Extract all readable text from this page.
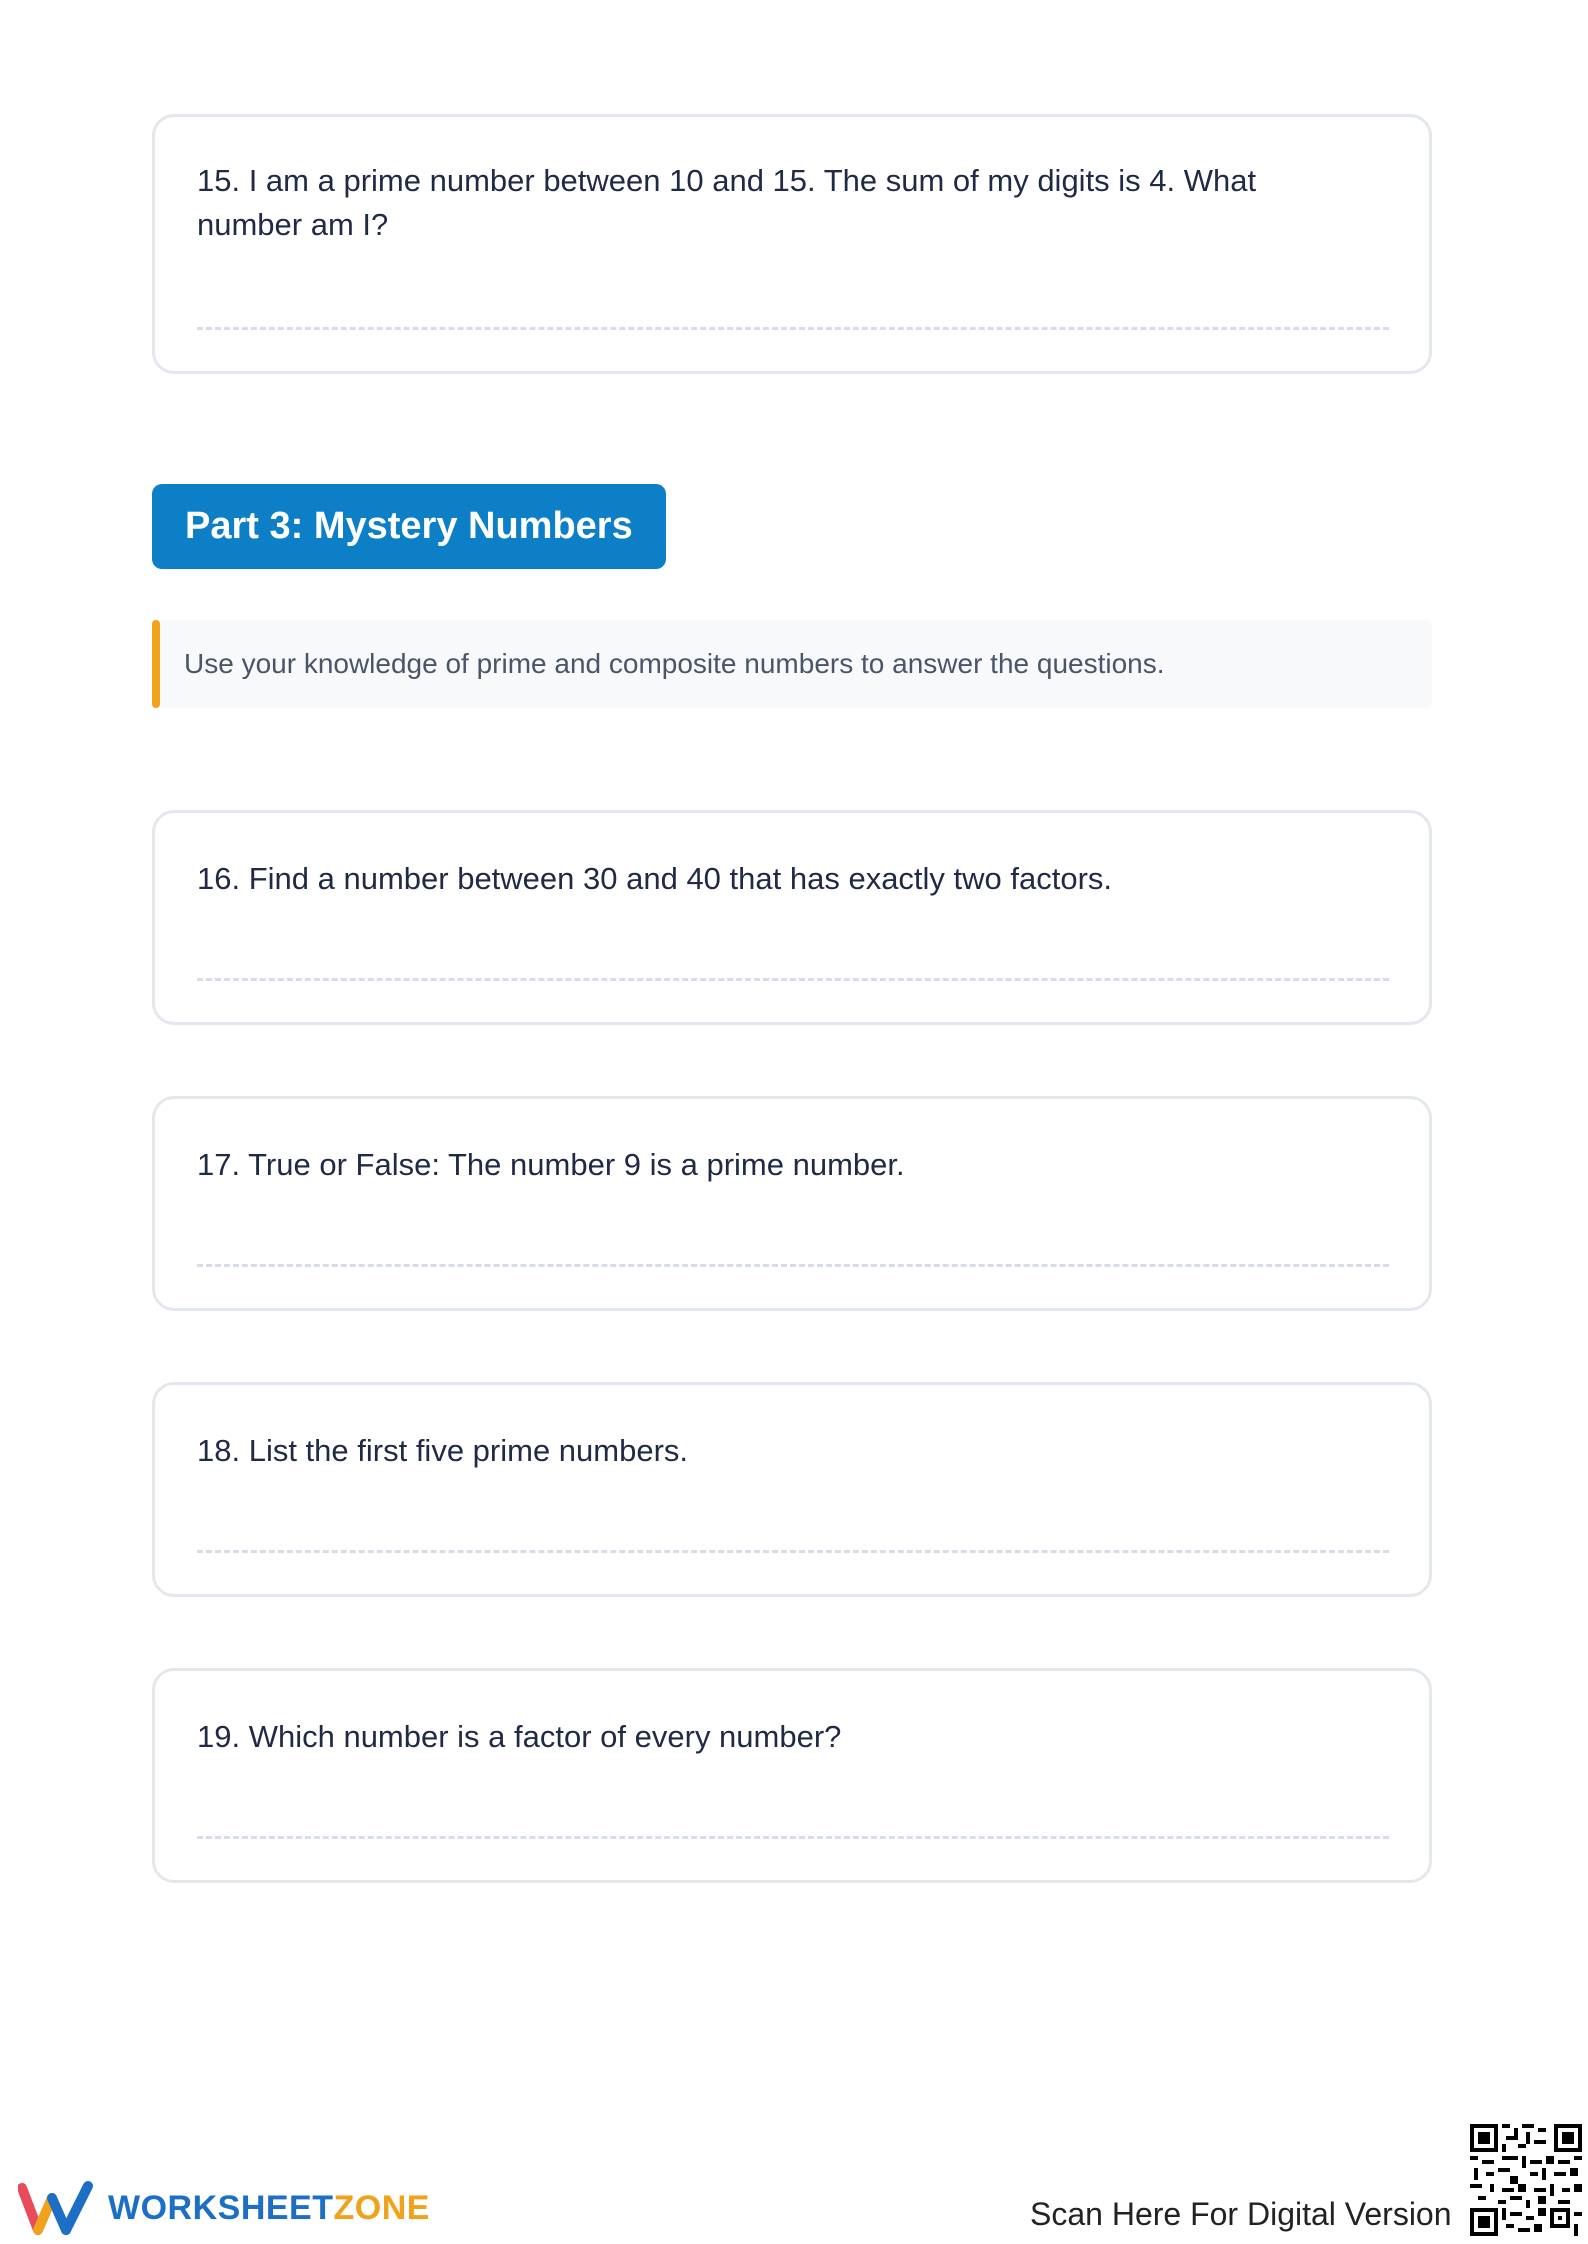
15. I am a prime number between 10 and 15. The sum of my digits is 4. What number am I?
Part 3: Mystery Numbers
Use your knowledge of prime and composite numbers to answer the questions.
16. Find a number between 30 and 40 that has exactly two factors.
17. True or False: The number 9 is a prime number.
18. List the first five prime numbers.
19. Which number is a factor of every number?
WORKSHEETZONE	Scan Here For Digital Version
